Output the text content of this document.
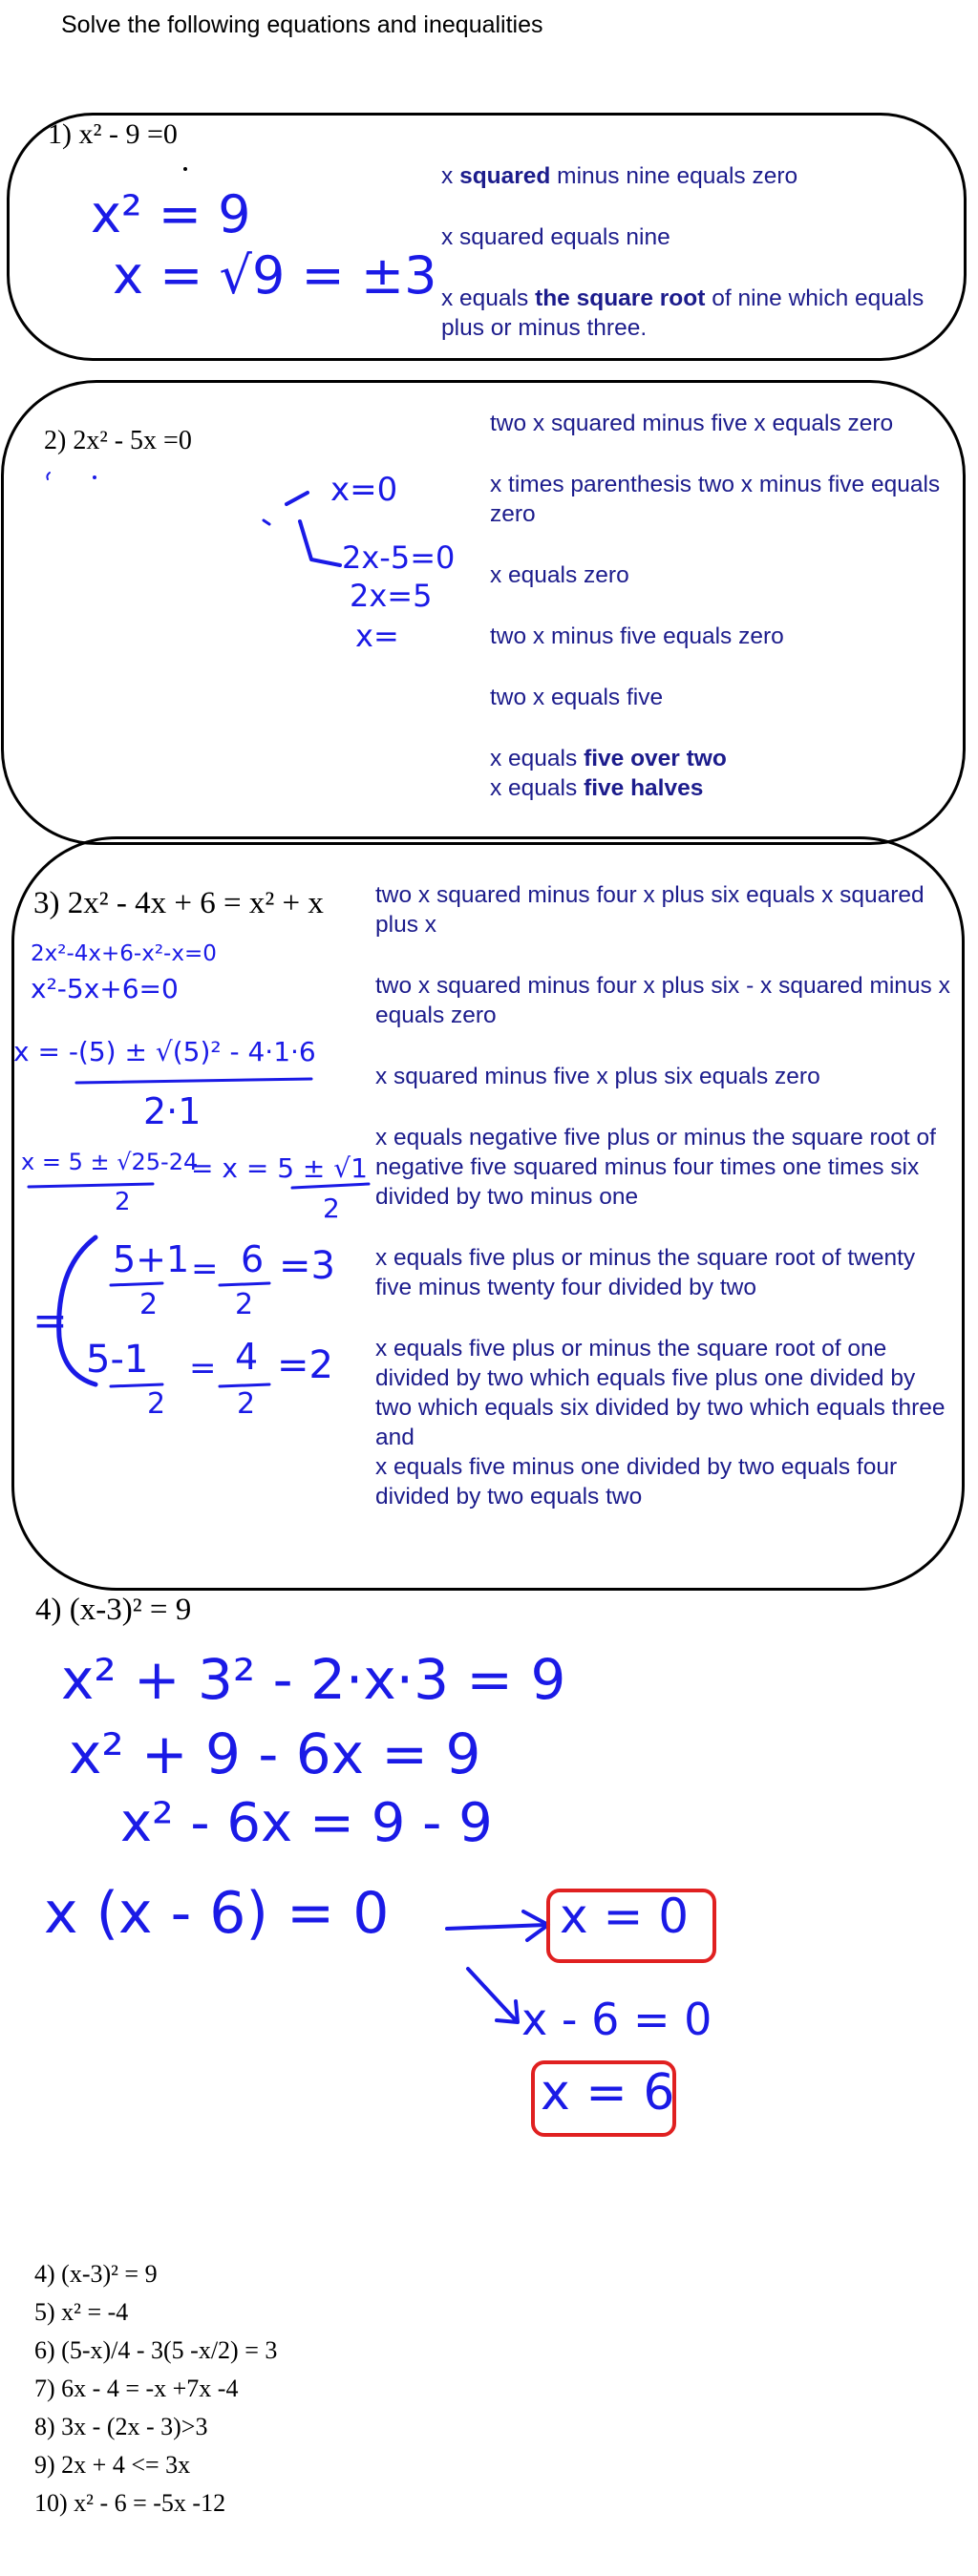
Solve the following equations and inequalities
1) x² - 9 =0

x squared minus nine equals zero

x squared equals nine

x equals the square root of nine which equals plus or minus three.

x² = 9
x = √9 = ±3
2) 2x² - 5x =0

two x squared minus five x equals zero

x times parenthesis two x minus five equals zero

x equals zero

two x minus five equals zero

two x equals five

x equals five over two

x equals five halves

x=0
2x-5=0
2x=5
x=
3) 2x² - 4x + 6 = x² + x two x squared minus four x plus six equals x squared plus x

two x squared minus four x plus six - x squared minus x equals zero

x squared minus five x plus six equals zero

x equals negative five plus or minus the square root of negative five squared minus four times one times six divided by two minus one

x equals five plus or minus the square root of twenty five minus twenty four divided by two

x equals five plus or minus the square root of one divided by two which equals five plus one divided by two which equals six divided by two which equals three

and

x equals five minus one divided by two equals four divided by two equals two

2x²-4x+6-x²-x=0
x²-5x+6=0
x = -(5) ± √(5)² - 4·1·6
2·1
x = 5 ± √25-24
2
= x = 5 ± √1
2
5+1
2
= 6
2
=3
5-1
2
= 4
2
=2
=
4) (x-3)² = 9
x² + 3² - 2·x·3 = 9
x² + 9 - 6x = 9
x² - 6x = 9 - 9
x (x - 6) = 0	x = 0
x - 6 = 0
x = 6
4) (x-3)² = 9
5) x² = -4
6) (5-x)/4 - 3(5 -x/2) = 3
7) 6x - 4 = -x +7x -4
8) 3x - (2x - 3)>3
9) 2x + 4 <= 3x
10) x² - 6 = -5x -12
